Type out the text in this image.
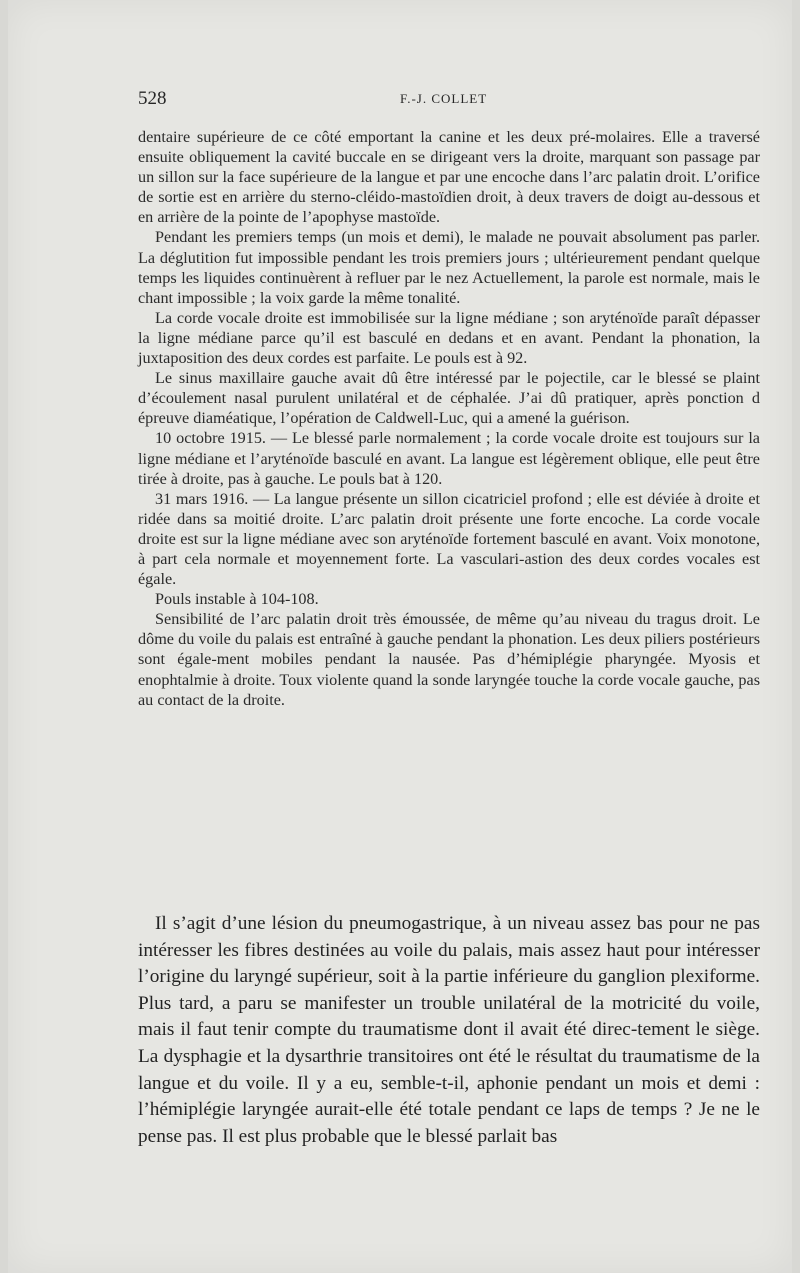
528	F.-J. COLLET

dentaire supérieure de ce côté emportant la canine et les deux pré-molaires. Elle a traversé ensuite obliquement la cavité buccale en se dirigeant vers la droite, marquant son passage par un sillon sur la face supérieure de la langue et par une encoche dans l’arc palatin droit. L’orifice de sortie est en arrière du sterno-cléido-mastoïdien droit, à deux travers de doigt au-dessous et en arrière de la pointe de l’apophyse mastoïde.

Pendant les premiers temps (un mois et demi), le malade ne pouvait absolument pas parler. La déglutition fut impossible pendant les trois premiers jours ; ultérieurement pendant quelque temps les liquides continuèrent à refluer par le nez Actuellement, la parole est normale, mais le chant impossible ; la voix garde la même tonalité.

La corde vocale droite est immobilisée sur la ligne médiane ; son aryténoïde paraît dépasser la ligne médiane parce qu’il est basculé en dedans et en avant. Pendant la phonation, la juxtaposition des deux cordes est parfaite. Le pouls est à 92.

Le sinus maxillaire gauche avait dû être intéressé par le pojectile, car le blessé se plaint d’écoulement nasal purulent unilatéral et de céphalée. J’ai dû pratiquer, après ponction d épreuve diaméatique, l’opération de Caldwell-Luc, qui a amené la guérison.

10 octobre 1915. — Le blessé parle normalement ; la corde vocale droite est toujours sur la ligne médiane et l’aryténoïde basculé en avant. La langue est légèrement oblique, elle peut être tirée à droite, pas à gauche. Le pouls bat à 120.

31 mars 1916. — La langue présente un sillon cicatriciel profond ; elle est déviée à droite et ridée dans sa moitié droite. L’arc palatin droit présente une forte encoche. La corde vocale droite est sur la ligne médiane avec son aryténoïde fortement basculé en avant. Voix monotone, à part cela normale et moyennement forte. La vasculari-astion des deux cordes vocales est égale.

Pouls instable à 104-108.

Sensibilité de l’arc palatin droit très émoussée, de même qu’au niveau du tragus droit. Le dôme du voile du palais est entraîné à gauche pendant la phonation. Les deux piliers postérieurs sont égale-ment mobiles pendant la nausée. Pas d’hémiplégie pharyngée. Myosis et enophtalmie à droite. Toux violente quand la sonde laryngée touche la corde vocale gauche, pas au contact de la droite.

Il s’agit d’une lésion du pneumogastrique, à un niveau assez bas pour ne pas intéresser les fibres destinées au voile du palais, mais assez haut pour intéresser l’origine du laryngé supérieur, soit à la partie inférieure du ganglion plexiforme. Plus tard, a paru se manifester un trouble unilatéral de la motricité du voile, mais il faut tenir compte du traumatisme dont il avait été direc-tement le siège. La dysphagie et la dysarthrie transitoires ont été le résultat du traumatisme de la langue et du voile. Il y a eu, semble-t-il, aphonie pendant un mois et demi : l’hémiplégie laryngée aurait-elle été totale pendant ce laps de temps ? Je ne le pense pas. Il est plus probable que le blessé parlait bas
